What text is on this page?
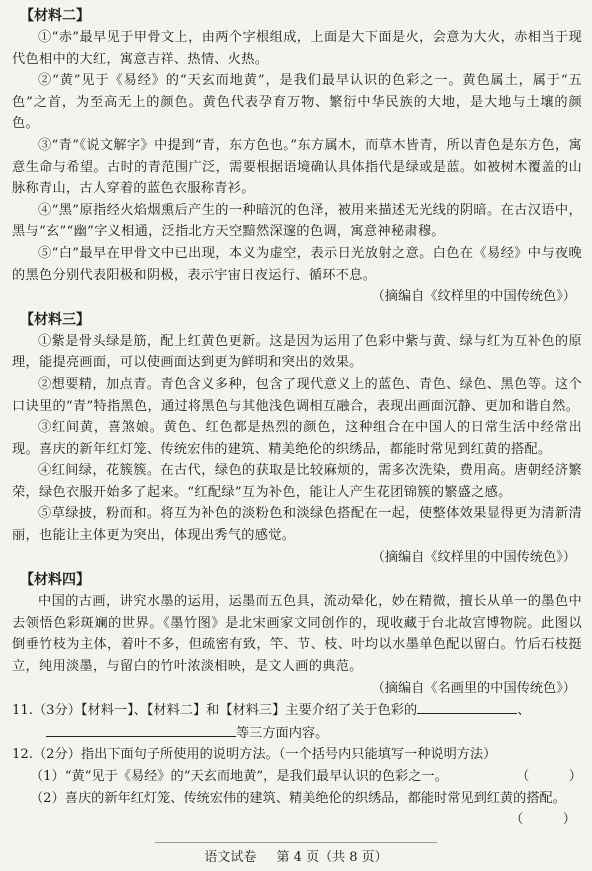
【材料二】

①“赤”最早见于甲骨文上，由两个字根组成，上面是大下面是火，会意为大火，赤相当于现代色相中的大红，寓意吉祥、热情、火热。

②“黄”见于《易经》的“天玄而地黄”，是我们最早认识的色彩之一。黄色属土，属于“五色”之首，为至高无上的颜色。黄色代表孕育万物、繁衍中华民族的大地，是大地与土壤的颜色。

③“青”《说文解字》中提到“青，东方色也。”东方属木，而草木皆青，所以青色是东方色，寓意生命与希望。古时的青范围广泛，需要根据语境确认具体指代是绿或是蓝。如被树木覆盖的山脉称青山，古人穿着的蓝色衣服称青衫。

④“黑”原指经火焰烟熏后产生的一种暗沉的色泽，被用来描述无光线的阴暗。在古汉语中，黑与“玄”“幽”字义相通，泛指北方天空黯然深邃的色调，寓意神秘肃穆。

⑤“白”最早在甲骨文中已出现，本义为虚空，表示日光放射之意。白色在《易经》中与夜晚的黑色分别代表阳极和阴极，表示宇宙日夜运行、循环不息。

（摘编自《纹样里的中国传统色》）

【材料三】

①紫是骨头绿是筋，配上红黄色更新。这是因为运用了色彩中紫与黄、绿与红为互补色的原理，能提亮画面，可以使画面达到更为鲜明和突出的效果。

②想要精，加点青。青色含义多种，包含了现代意义上的蓝色、青色、绿色、黑色等。这个口诀里的“青”特指黑色，通过将黑色与其他浅色调相互融合，表现出画面沉静、更加和谐自然。

③红间黄，喜煞娘。黄色、红色都是热烈的颜色，这种组合在中国人的日常生活中经常出现。喜庆的新年红灯笼、传统宏伟的建筑、精美绝伦的织绣品，都能时常见到红黄的搭配。

④红间绿，花簇簇。在古代，绿色的获取是比较麻烦的，需多次洗染，费用高。唐朝经济繁荣，绿色衣服开始多了起来。“红配绿”互为补色，能让人产生花团锦簇的繁盛之感。

⑤草绿披，粉而和。将互为补色的淡粉色和淡绿色搭配在一起，使整体效果显得更为清新清丽，也能让主体更为突出，体现出秀气的感觉。

（摘编自《纹样里的中国传统色》）

【材料四】

中国的古画，讲究水墨的运用，运墨而五色具，流动晕化，妙在精微，擅长从单一的墨色中去领悟色彩斑斓的世界。《墨竹图》是北宋画家文同创作的，现收藏于台北故宫博物院。此图以倒垂竹枝为主体，着叶不多，但疏密有致，竿、节、枝、叶均以水墨单色配以留白。竹后石枝挺立，纯用淡墨，与留白的竹叶浓淡相映，是文人画的典范。

（摘编自《名画里的中国传统色》）

11.（3分）【材料一】、【材料二】和【材料三】主要介绍了关于色彩的	、

等三方面内容。

12.（2分）指出下面句子所使用的说明方法。（一个括号内只能填写一种说明方法）

（1）“黄”见于《易经》的“天玄而地黄”，是我们最早认识的色彩之一。	（　　　）

（2）喜庆的新年红灯笼、传统宏伟的建筑、精美绝伦的织绣品，都能时常见到红黄的搭配。

（　　　）

语文试卷 第 4 页（共 8 页）
